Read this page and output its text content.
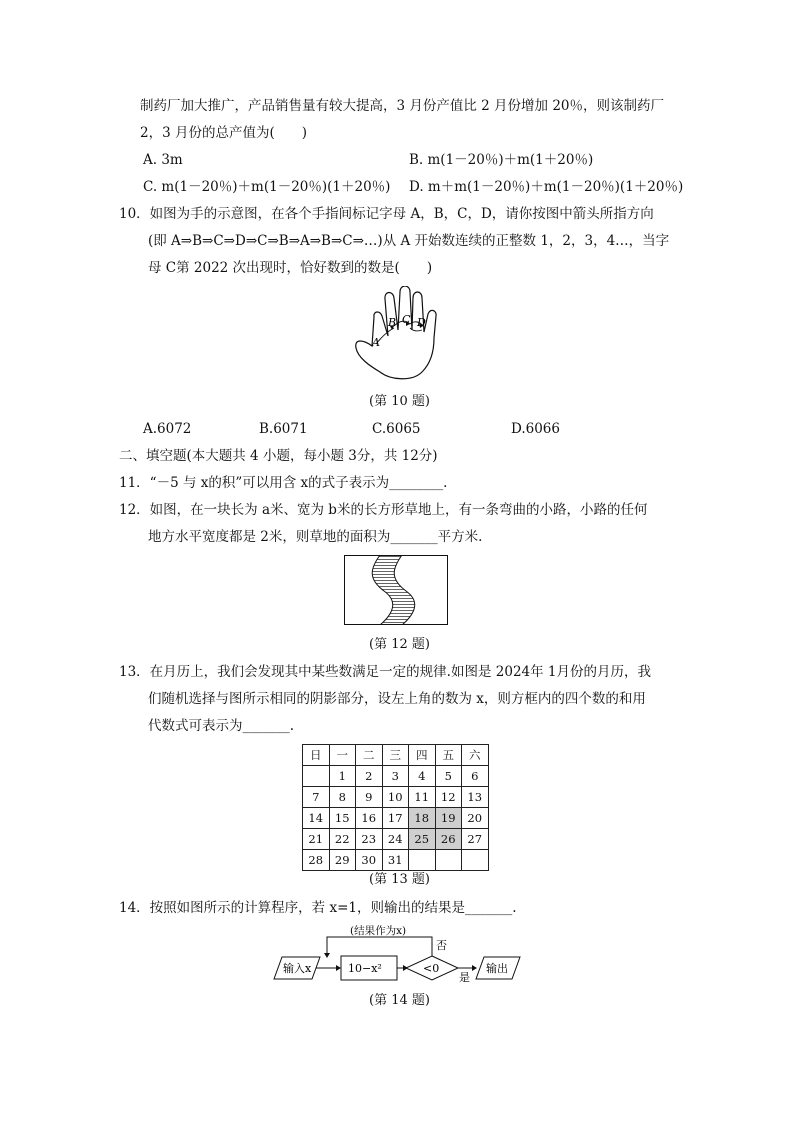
制药厂加大推广，产品销售量有较大提高，3 月份产值比 2 月份增加 20％，则该制药厂
2，3 月份的总产值为(　　)
A. 3m	B. m(1－20％)＋m(1＋20％)
C. m(1－20％)＋m(1－20％)(1＋20％) D. m＋m(1－20％)＋m(1－20％)(1＋20％)
10．如图为手的示意图，在各个手指间标记字母 A，B，C，D，请你按图中箭头所指方向
(即 A⇒B⇒C⇒D⇒C⇒B⇒A⇒B⇒C⇒…)从 A 开始数连续的正整数 1，2，3，4…，当字
母 C第 2022 次出现时，恰好数到的数是(　　)
A
B C D
(第 10 题)
A.6072	B.6071	C.6065	D.6066
二、填空题(本大题共 4 小题，每小题 3分，共 12分)
11．“－5 与 x的积”可以用含 x的式子表示为________.
12．如图，在一块长为 a米、宽为 b米的长方形草地上，有一条弯曲的小路，小路的任何
地方水平宽度都是 2米，则草地的面积为_______平方米.
(第 12 题)
13．在月历上，我们会发现其中某些数满足一定的规律.如图是 2024年 1月份的月历，我
们随机选择与图所示相同的阴影部分，设左上角的数为 x，则方框内的四个数的和用
代数式可表示为_______.
日	一	二	三	四	五	六
	1	2	3	4	5	6
7	8	9	10	11	12	13
14	15	16	17	18	19	20
21	22	23	24	25	26	27
28	29	30	31			
(第 13 题)
14．按照如图所示的计算程序，若 x=1，则输出的结果是_______.
(结果作为x)
否
输入x	10−x²	<0
是
输出
(第 14 题)
